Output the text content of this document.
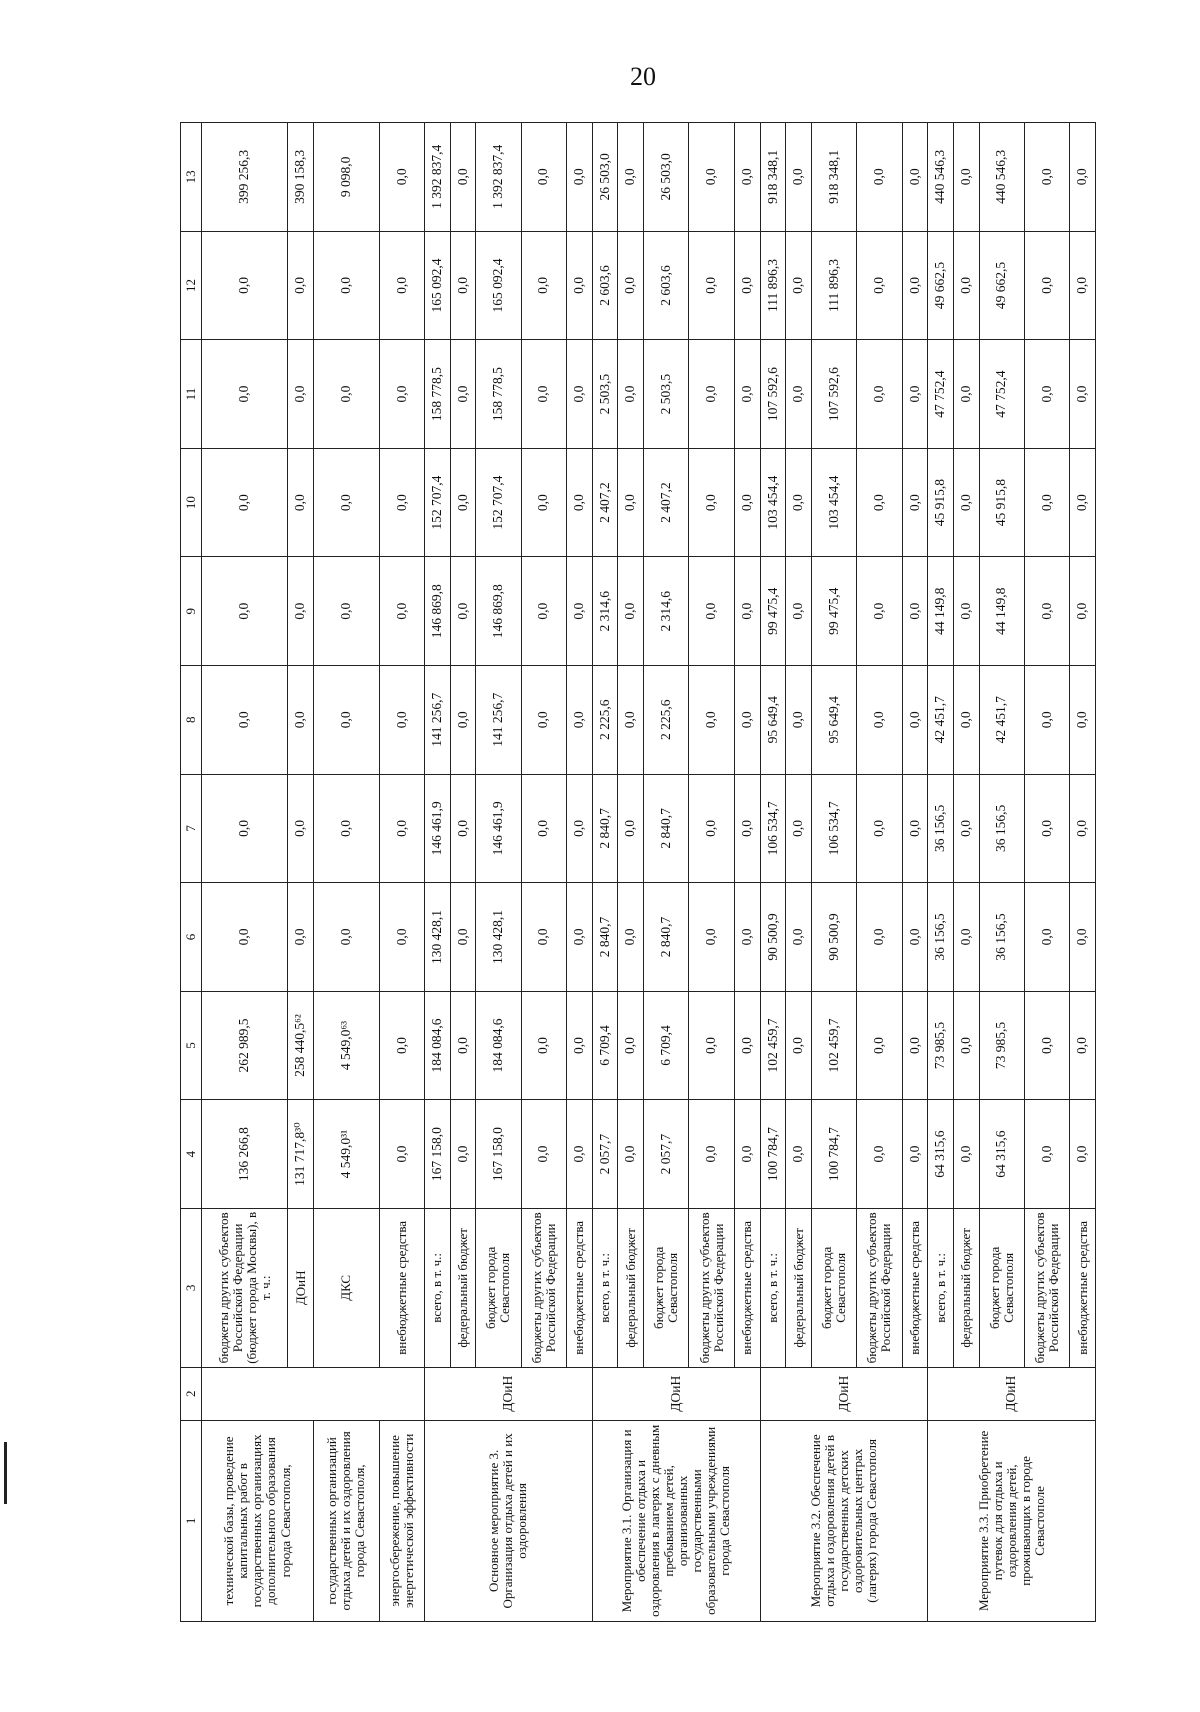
20
1	2	3	4	5	6	7	8	9	10	11	12	13
технической базы, проведение капитальных работ в государственных организациях дополнительного образования города Севастополя,		бюджеты других субъектов Российской Федерации (бюджет города Москвы), в т. ч.:	136 266,8	262 989,5	0,0	0,0	0,0	0,0	0,0	0,0	0,0	399 256,3
		ДОиН	131 717,8³⁰	258 440,5⁶²	0,0	0,0	0,0	0,0	0,0	0,0	0,0	390 158,3
государственных организаций отдыха детей и их оздоровления города Севастополя,		ДКС	4 549,0³¹	4 549,0⁶³	0,0	0,0	0,0	0,0	0,0	0,0	0,0	9 098,0
энергосбережение, повышение энергетической эффективности		внебюджетные средства	0,0	0,0	0,0	0,0	0,0	0,0	0,0	0,0	0,0	0,0
Основное мероприятие 3. Организация отдыха детей и их оздоровления	ДОиН	всего, в т. ч.:	167 158,0	184 084,6	130 428,1	146 461,9	141 256,7	146 869,8	152 707,4	158 778,5	165 092,4	1 392 837,4
		федеральный бюджет	0,0	0,0	0,0	0,0	0,0	0,0	0,0	0,0	0,0	0,0
		бюджет города Севастополя	167 158,0	184 084,6	130 428,1	146 461,9	141 256,7	146 869,8	152 707,4	158 778,5	165 092,4	1 392 837,4
		бюджеты других субъектов Российской Федерации	0,0	0,0	0,0	0,0	0,0	0,0	0,0	0,0	0,0	0,0
		внебюджетные средства	0,0	0,0	0,0	0,0	0,0	0,0	0,0	0,0	0,0	0,0
Мероприятие 3.1. Организация и обеспечение отдыха и оздоровления в лагерях с дневным пребыванием детей, организованных государственными образовательными учреждениями города Севастополя	ДОиН	всего, в т. ч.:	2 057,7	6 709,4	2 840,7	2 840,7	2 225,6	2 314,6	2 407,2	2 503,5	2 603,6	26 503,0
		федеральный бюджет	0,0	0,0	0,0	0,0	0,0	0,0	0,0	0,0	0,0	0,0
		бюджет города Севастополя	2 057,7	6 709,4	2 840,7	2 840,7	2 225,6	2 314,6	2 407,2	2 503,5	2 603,6	26 503,0
		бюджеты других субъектов Российской Федерации	0,0	0,0	0,0	0,0	0,0	0,0	0,0	0,0	0,0	0,0
		внебюджетные средства	0,0	0,0	0,0	0,0	0,0	0,0	0,0	0,0	0,0	0,0
Мероприятие 3.2. Обеспечение отдыха и оздоровления детей в государственных детских оздоровительных центрах (лагерях) города Севастополя	ДОиН	всего, в т. ч.:	100 784,7	102 459,7	90 500,9	106 534,7	95 649,4	99 475,4	103 454,4	107 592,6	111 896,3	918 348,1
		федеральный бюджет	0,0	0,0	0,0	0,0	0,0	0,0	0,0	0,0	0,0	0,0
		бюджет города Севастополя	100 784,7	102 459,7	90 500,9	106 534,7	95 649,4	99 475,4	103 454,4	107 592,6	111 896,3	918 348,1
		бюджеты других субъектов Российской Федерации	0,0	0,0	0,0	0,0	0,0	0,0	0,0	0,0	0,0	0,0
		внебюджетные средства	0,0	0,0	0,0	0,0	0,0	0,0	0,0	0,0	0,0	0,0
Мероприятие 3.3. Приобретение путевок для отдыха и оздоровления детей, проживающих в городе Севастополе	ДОиН	всего, в т. ч.:	64 315,6	73 985,5	36 156,5	36 156,5	42 451,7	44 149,8	45 915,8	47 752,4	49 662,5	440 546,3
		федеральный бюджет	0,0	0,0	0,0	0,0	0,0	0,0	0,0	0,0	0,0	0,0
		бюджет города Севастополя	64 315,6	73 985,5	36 156,5	36 156,5	42 451,7	44 149,8	45 915,8	47 752,4	49 662,5	440 546,3
		бюджеты других субъектов Российской Федерации	0,0	0,0	0,0	0,0	0,0	0,0	0,0	0,0	0,0	0,0
		внебюджетные средства	0,0	0,0	0,0	0,0	0,0	0,0	0,0	0,0	0,0	0,0
